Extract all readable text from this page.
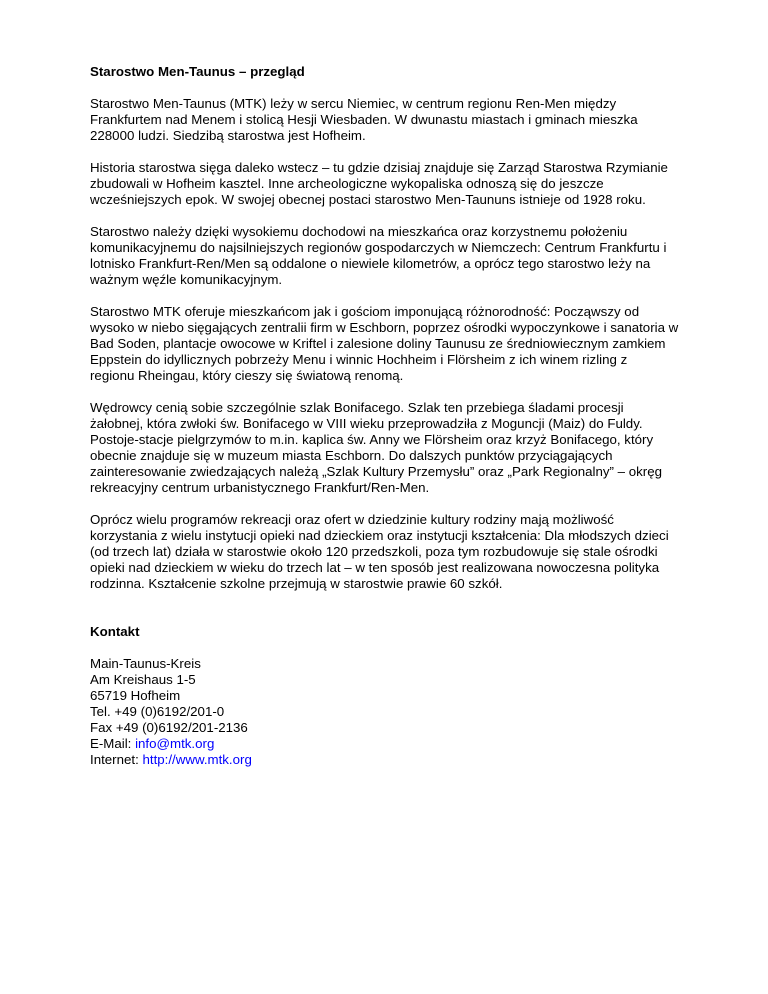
Starostwo Men-Taunus – przegląd
Starostwo Men-Taunus (MTK) leży w sercu Niemiec, w centrum regionu Ren-Men między
Frankfurtem nad Menem i stolicą Hesji Wiesbaden. W dwunastu miastach i gminach mieszka
228000 ludzi. Siedzibą starostwa jest Hofheim.
Historia starostwa sięga daleko wstecz – tu gdzie dzisiaj znajduje się Zarząd Starostwa Rzymianie
zbudowali w Hofheim kasztel. Inne archeologiczne wykopaliska odnoszą się do jeszcze
wcześniejszych epok. W swojej obecnej postaci starostwo Men-Taununs istnieje od 1928 roku.
Starostwo należy dzięki wysokiemu dochodowi na mieszkańca oraz korzystnemu położeniu
komunikacyjnemu do najsilniejszych regionów gospodarczych w Niemczech: Centrum Frankfurtu i
lotnisko Frankfurt-Ren/Men są oddalone o niewiele kilometrów, a oprócz tego starostwo leży na
ważnym węźle komunikacyjnym.
Starostwo MTK oferuje mieszkańcom jak i gościom imponującą różnorodność: Począwszy od
wysoko w niebo sięgających zentralii firm w Eschborn, poprzez ośrodki wypoczynkowe i sanatoria w
Bad Soden, plantacje owocowe w Kriftel i zalesione doliny Taunusu ze średniowiecznym zamkiem
Eppstein do idyllicznych pobrzeży Menu i winnic Hochheim i Flörsheim z ich winem rizling z
regionu Rheingau, który cieszy się światową renomą.
Wędrowcy cenią sobie szczególnie szlak Bonifacego. Szlak ten przebiega śladami procesji
żałobnej, która zwłoki św. Bonifacego w VIII wieku przeprowadziła z Moguncji (Maiz) do Fuldy.
Postoje-stacje pielgrzymów to m.in. kaplica św. Anny we Flörsheim oraz krzyż Bonifacego, który
obecnie znajduje się w muzeum miasta Eschborn. Do dalszych punktów przyciągających
zainteresowanie zwiedzających należą „Szlak Kultury Przemysłu” oraz „Park Regionalny” – okręg
rekreacyjny centrum urbanistycznego Frankfurt/Ren-Men.
Oprócz wielu programów rekreacji oraz ofert w dziedzinie kultury rodziny mają możliwość
korzystania z wielu instytucji opieki nad dzieckiem oraz instytucji kształcenia: Dla młodszych dzieci
(od trzech lat) działa w starostwie około 120 przedszkoli, poza tym rozbudowuje się stale ośrodki
opieki nad dzieckiem w wieku do trzech lat – w ten sposób jest realizowana nowoczesna polityka
rodzinna. Kształcenie szkolne przejmują w starostwie prawie 60 szkół.
Kontakt
Main-Taunus-Kreis
Am Kreishaus 1-5
65719 Hofheim
Tel. +49 (0)6192/201-0
Fax +49 (0)6192/201-2136
E-Mail: info@mtk.org
Internet: http://www.mtk.org
